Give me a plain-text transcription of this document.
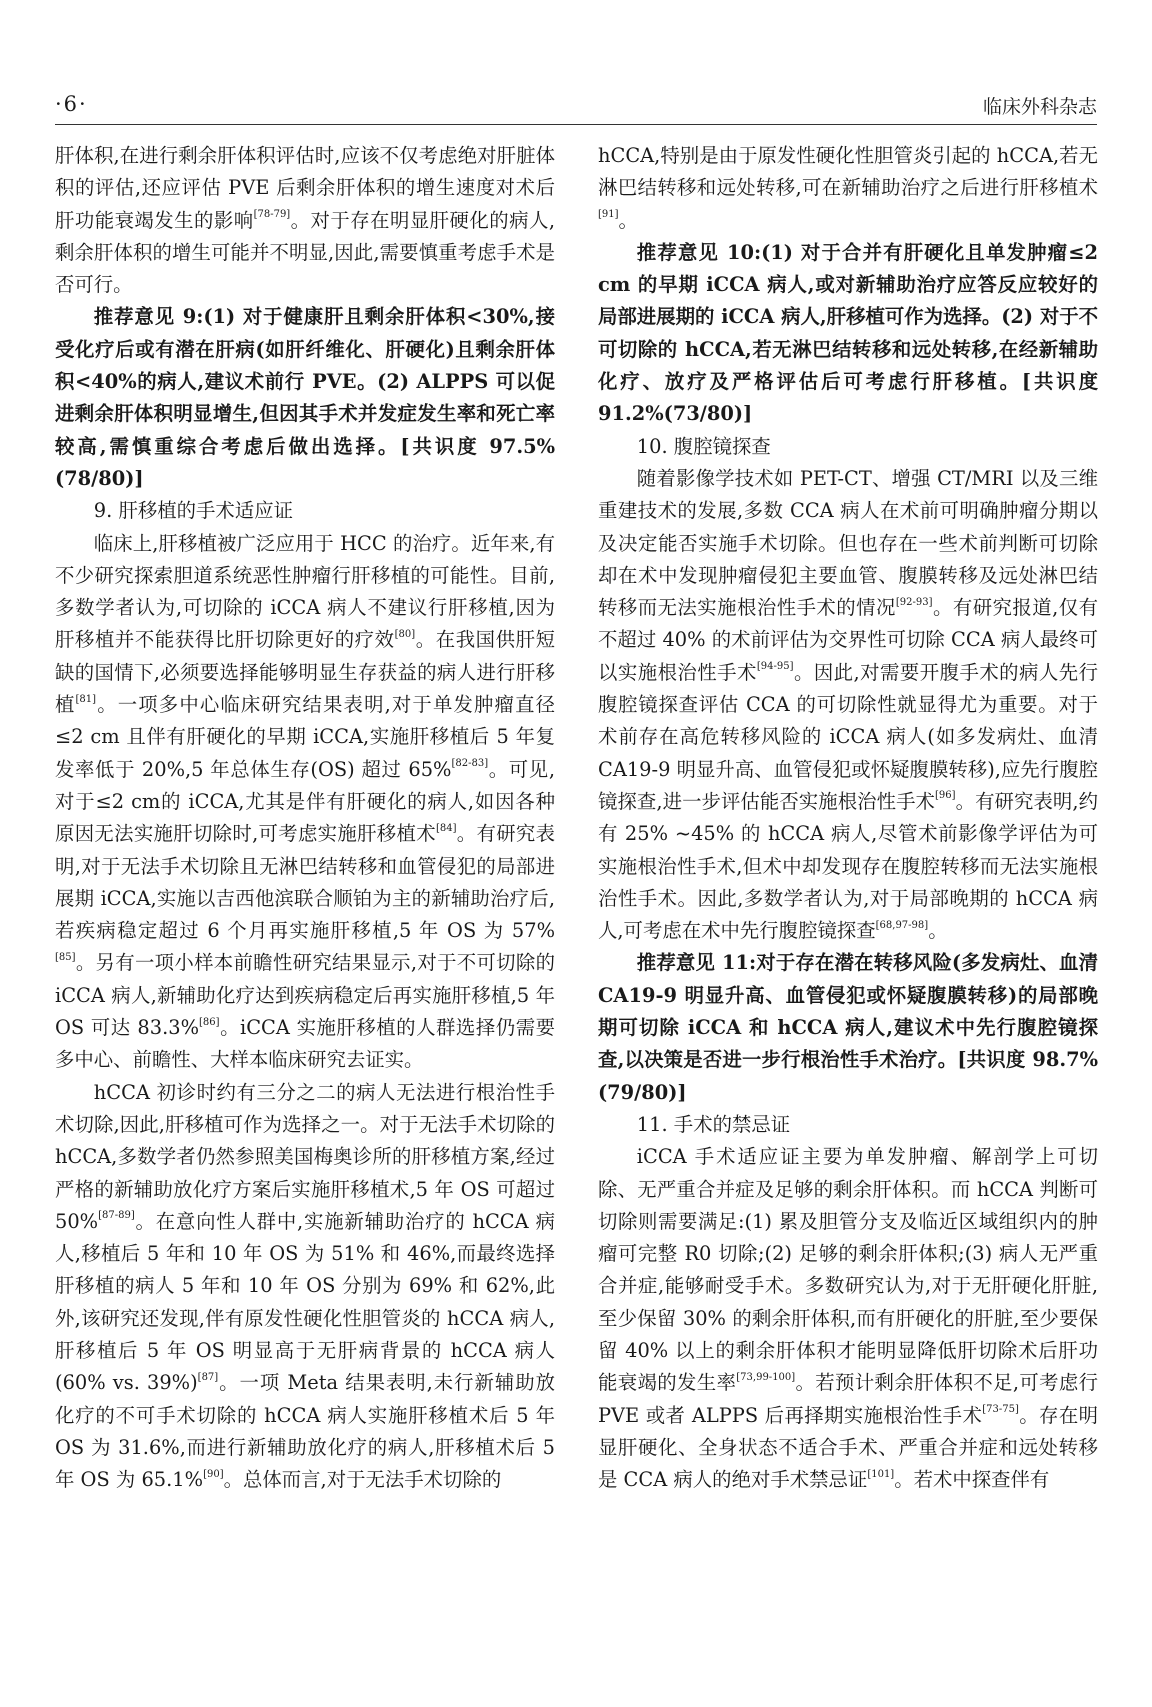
·6·	临床外科杂志

肝体积,在进行剩余肝体积评估时,应该不仅考虑绝对肝脏体积的评估,还应评估 PVE 后剩余肝体积的增生速度对术后肝功能衰竭发生的影响[78-79]。对于存在明显肝硬化的病人,剩余肝体积的增生可能并不明显,因此,需要慎重考虑手术是否可行。

推荐意见 9:(1) 对于健康肝且剩余肝体积<30%,接受化疗后或有潜在肝病(如肝纤维化、肝硬化)且剩余肝体积<40%的病人,建议术前行 PVE。(2) ALPPS 可以促进剩余肝体积明显增生,但因其手术并发症发生率和死亡率较高,需慎重综合考虑后做出选择。[共识度 97.5%(78/80)]

9. 肝移植的手术适应证

临床上,肝移植被广泛应用于 HCC 的治疗。近年来,有不少研究探索胆道系统恶性肿瘤行肝移植的可能性。目前,多数学者认为,可切除的 iCCA 病人不建议行肝移植,因为肝移植并不能获得比肝切除更好的疗效[80]。在我国供肝短缺的国情下,必须要选择能够明显生存获益的病人进行肝移植[81]。一项多中心临床研究结果表明,对于单发肿瘤直径≤2 cm 且伴有肝硬化的早期 iCCA,实施肝移植后 5 年复发率低于 20%,5 年总体生存(OS) 超过 65%[82-83]。可见,对于≤2 cm的 iCCA,尤其是伴有肝硬化的病人,如因各种原因无法实施肝切除时,可考虑实施肝移植术[84]。有研究表明,对于无法手术切除且无淋巴结转移和血管侵犯的局部进展期 iCCA,实施以吉西他滨联合顺铂为主的新辅助治疗后,若疾病稳定超过 6 个月再实施肝移植,5 年 OS 为 57%[85]。另有一项小样本前瞻性研究结果显示,对于不可切除的 iCCA 病人,新辅助化疗达到疾病稳定后再实施肝移植,5 年 OS 可达 83.3%[86]。iCCA 实施肝移植的人群选择仍需要多中心、前瞻性、大样本临床研究去证实。

hCCA 初诊时约有三分之二的病人无法进行根治性手术切除,因此,肝移植可作为选择之一。对于无法手术切除的 hCCA,多数学者仍然参照美国梅奥诊所的肝移植方案,经过严格的新辅助放化疗方案后实施肝移植术,5 年 OS 可超过 50%[87-89]。在意向性人群中,实施新辅助治疗的 hCCA 病人,移植后 5 年和 10 年 OS 为 51% 和 46%,而最终选择肝移植的病人 5 年和 10 年 OS 分别为 69% 和 62%,此外,该研究还发现,伴有原发性硬化性胆管炎的 hCCA 病人,肝移植后 5 年 OS 明显高于无肝病背景的 hCCA 病人(60% vs. 39%)[87]。一项 Meta 结果表明,未行新辅助放化疗的不可手术切除的 hCCA 病人实施肝移植术后 5 年 OS 为 31.6%,而进行新辅助放化疗的病人,肝移植术后 5 年 OS 为 65.1%[90]。总体而言,对于无法手术切除的

hCCA,特别是由于原发性硬化性胆管炎引起的 hCCA,若无淋巴结转移和远处转移,可在新辅助治疗之后进行肝移植术[91]。

推荐意见 10:(1) 对于合并有肝硬化且单发肿瘤≤2 cm 的早期 iCCA 病人,或对新辅助治疗应答反应较好的局部进展期的 iCCA 病人,肝移植可作为选择。(2) 对于不可切除的 hCCA,若无淋巴结转移和远处转移,在经新辅助化疗、放疗及严格评估后可考虑行肝移植。[共识度 91.2%(73/80)]

10. 腹腔镜探查

随着影像学技术如 PET-CT、增强 CT/MRI 以及三维重建技术的发展,多数 CCA 病人在术前可明确肿瘤分期以及决定能否实施手术切除。但也存在一些术前判断可切除却在术中发现肿瘤侵犯主要血管、腹膜转移及远处淋巴结转移而无法实施根治性手术的情况[92-93]。有研究报道,仅有不超过 40% 的术前评估为交界性可切除 CCA 病人最终可以实施根治性手术[94-95]。因此,对需要开腹手术的病人先行腹腔镜探查评估 CCA 的可切除性就显得尤为重要。对于术前存在高危转移风险的 iCCA 病人(如多发病灶、血清 CA19-9 明显升高、血管侵犯或怀疑腹膜转移),应先行腹腔镜探查,进一步评估能否实施根治性手术[96]。有研究表明,约有 25% ~45% 的 hCCA 病人,尽管术前影像学评估为可实施根治性手术,但术中却发现存在腹腔转移而无法实施根治性手术。因此,多数学者认为,对于局部晚期的 hCCA 病人,可考虑在术中先行腹腔镜探查[68,97-98]。

推荐意见 11:对于存在潜在转移风险(多发病灶、血清 CA19-9 明显升高、血管侵犯或怀疑腹膜转移)的局部晚期可切除 iCCA 和 hCCA 病人,建议术中先行腹腔镜探查,以决策是否进一步行根治性手术治疗。[共识度 98.7%(79/80)]

11. 手术的禁忌证

iCCA 手术适应证主要为单发肿瘤、解剖学上可切除、无严重合并症及足够的剩余肝体积。而 hCCA 判断可切除则需要满足:(1) 累及胆管分支及临近区域组织内的肿瘤可完整 R0 切除;(2) 足够的剩余肝体积;(3) 病人无严重合并症,能够耐受手术。多数研究认为,对于无肝硬化肝脏,至少保留 30% 的剩余肝体积,而有肝硬化的肝脏,至少要保留 40% 以上的剩余肝体积才能明显降低肝切除术后肝功能衰竭的发生率[73,99-100]。若预计剩余肝体积不足,可考虑行 PVE 或者 ALPPS 后再择期实施根治性手术[73-75]。存在明显肝硬化、全身状态不适合手术、严重合并症和远处转移是 CCA 病人的绝对手术禁忌证[101]。若术中探查伴有
